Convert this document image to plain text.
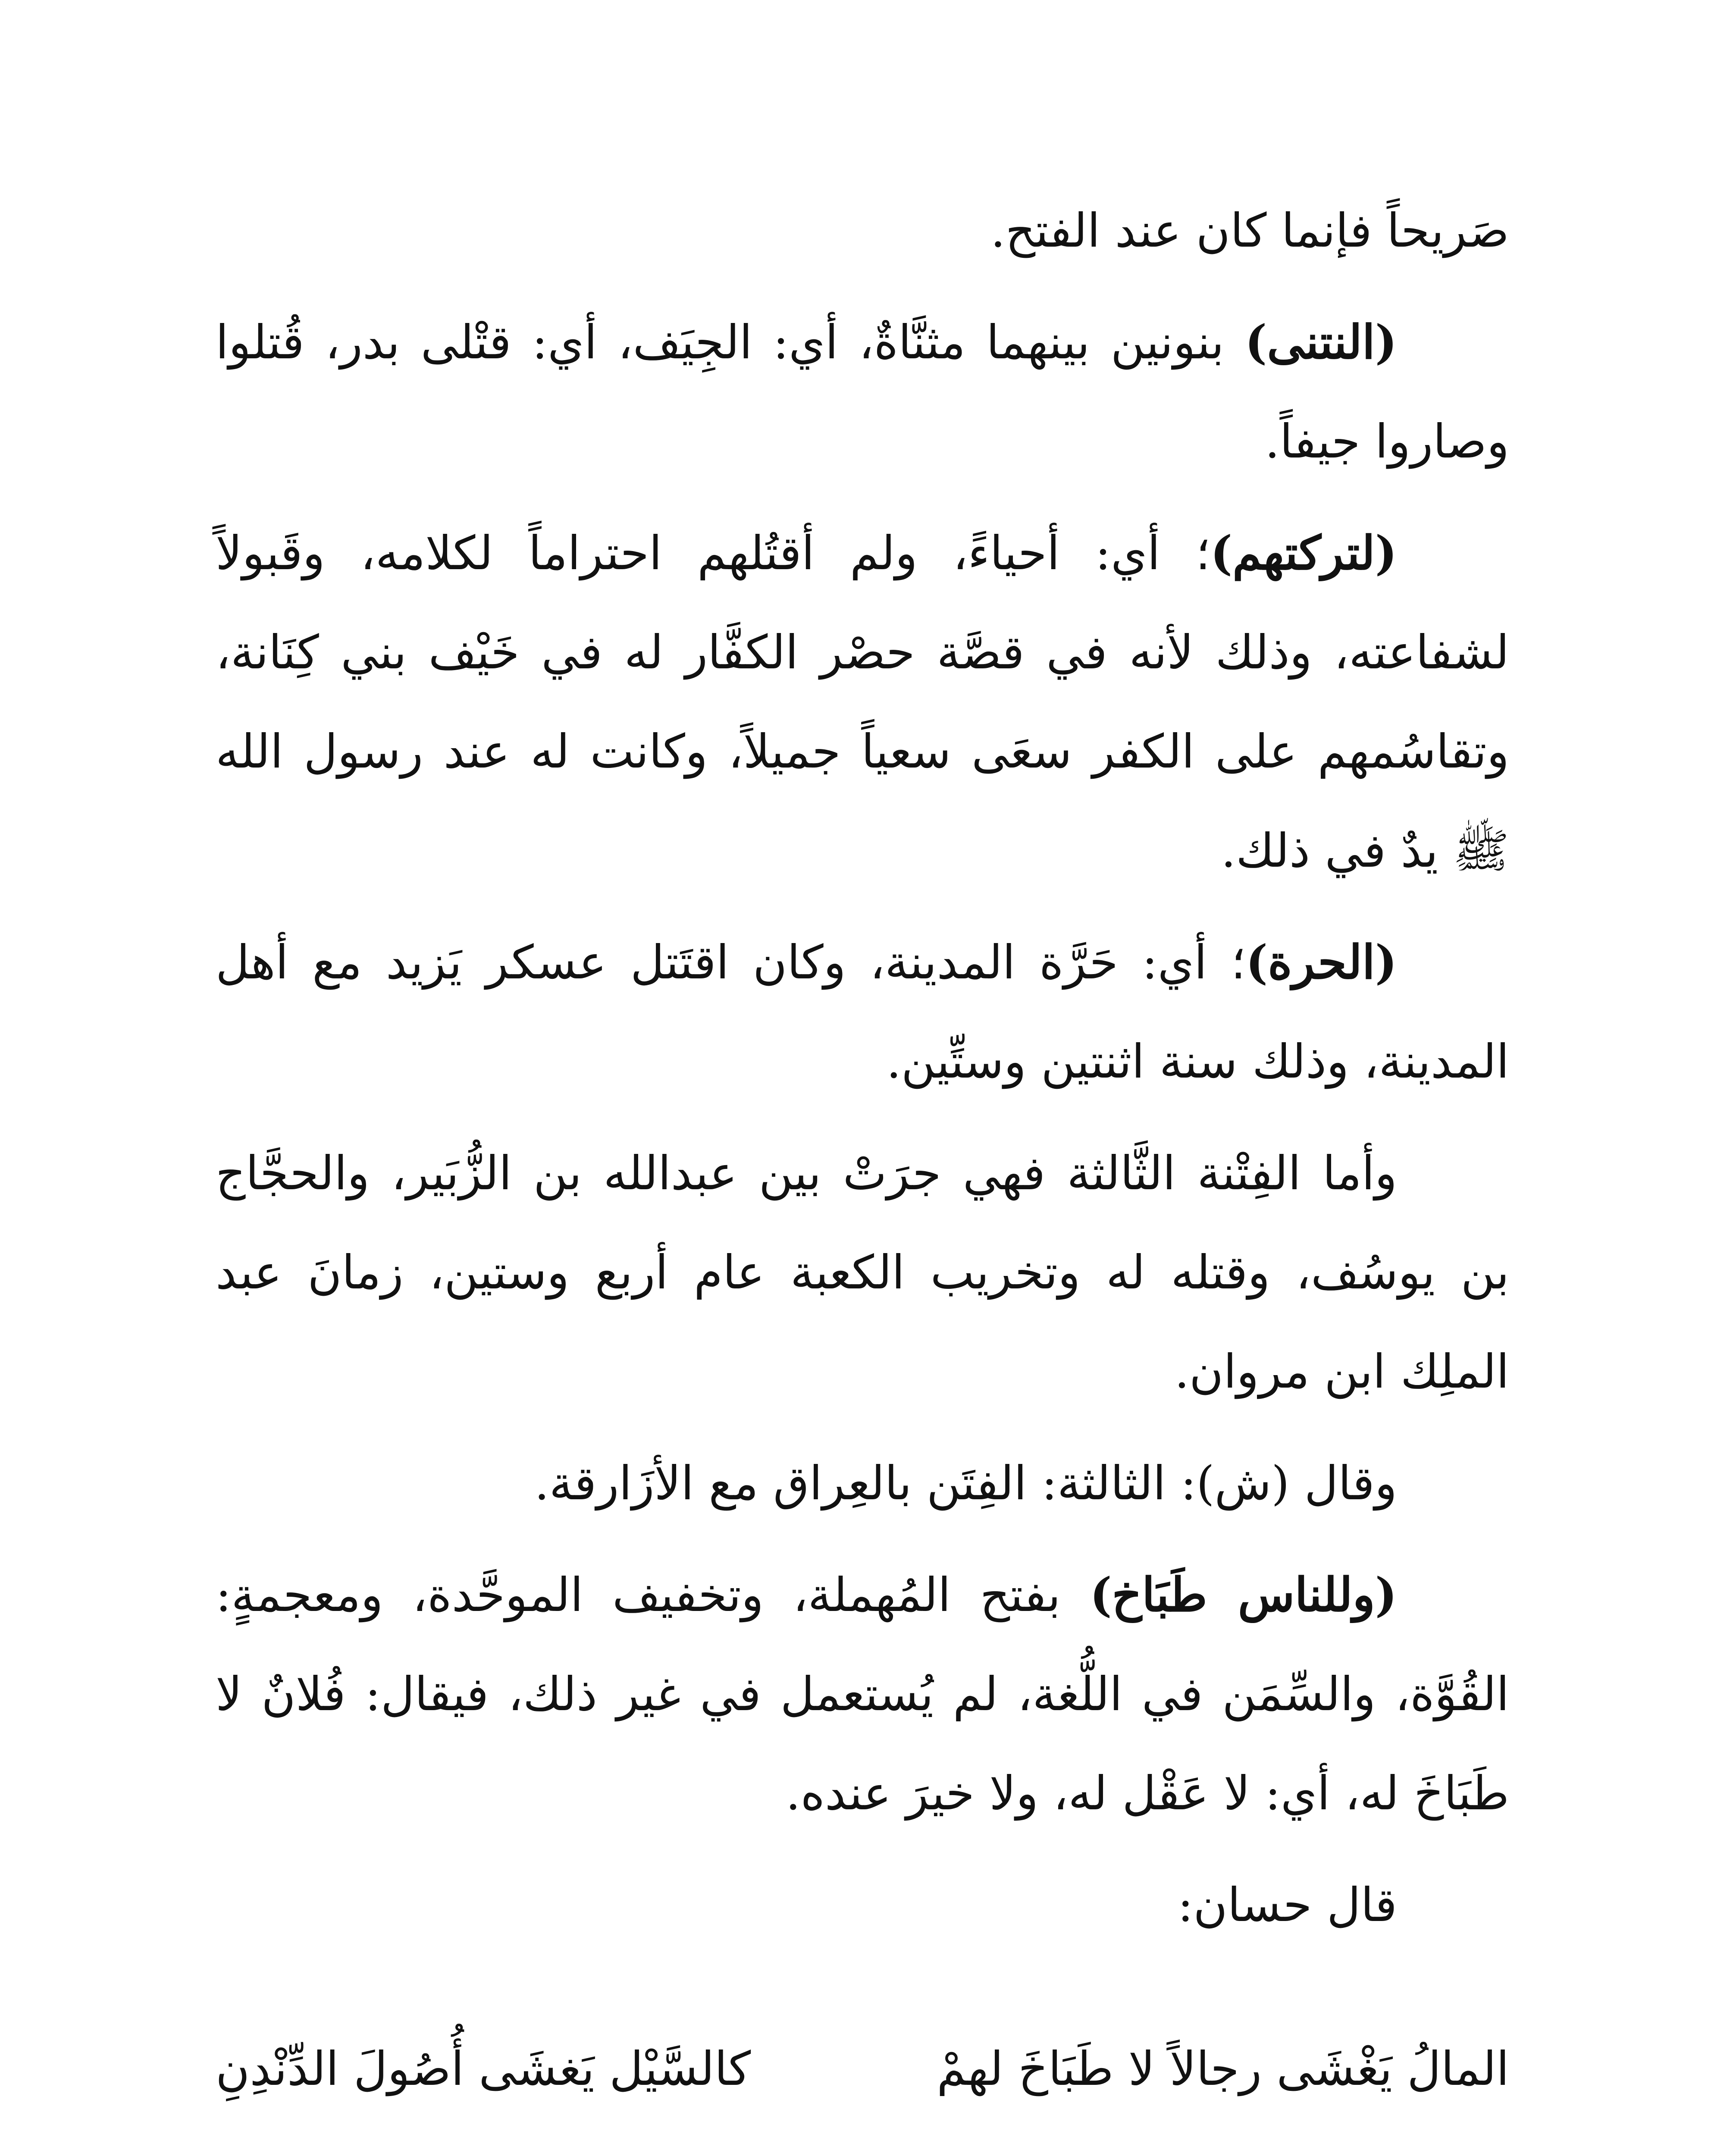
صَريحاً فإنما كان عند الفتح.

(النتنى) بنونين بينهما مثنَّاةٌ، أي: الجِيَف، أي: قتْلى بدر، قُتلوا وصاروا جيفاً.

(لتركتهم)؛ أي: أحياءً، ولم أقتُلهم احتراماً لكلامه، وقَبولاً لشفاعته، وذلك لأنه في قصَّة حصْر الكفَّار له في خَيْف بني كِنَانة، وتقاسُمهم على الكفر سعَى سعياً جميلاً، وكانت له عند رسول الله ﷺ يدٌ في ذلك.

(الحرة)؛ أي: حَرَّة المدينة، وكان اقتَتل عسكر يَزيد مع أهل المدينة، وذلك سنة اثنتين وستِّين.

وأما الفِتْنة الثَّالثة فهي جرَتْ بين عبدالله بن الزُّبَير، والحجَّاج بن يوسُف، وقتله له وتخريب الكعبة عام أربع وستين، زمانَ عبد الملِك ابن مروان.

وقال (ش): الثالثة: الفِتَن بالعِراق مع الأزَارقة.

(وللناس طَبَاخ) بفتح المُهملة، وتخفيف الموحَّدة، ومعجمةٍ: القُوَّة، والسِّمَن في اللُّغة، لم يُستعمل في غير ذلك، فيقال: فُلانٌ لا طَبَاخَ له، أي: لا عَقْل له، ولا خيرَ عنده.

قال حسان:

المالُ يَغْشَى رجالاً لا طَبَاخَ لهمْ
كالسَّيْل يَغشَى أُصُولَ الدِّنْدِنِ
